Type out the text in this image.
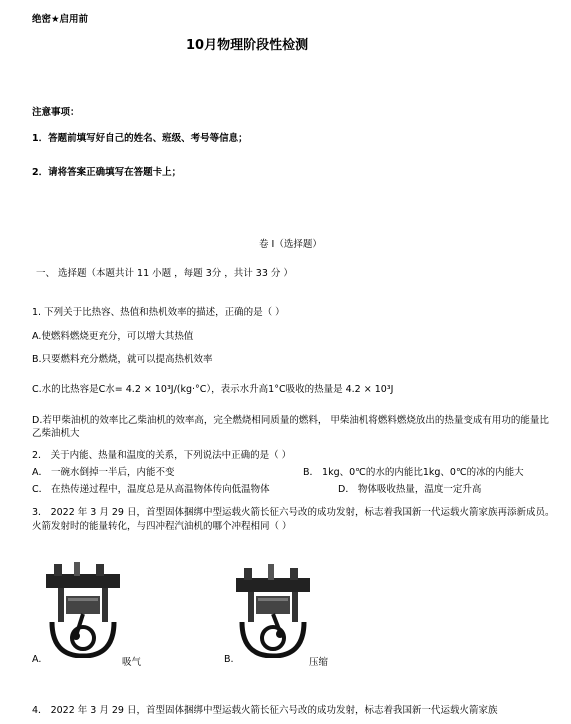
绝密★启用前
10月物理阶段性检测
注意事项：
1．答题前填写好自己的姓名、班级、考号等信息；
2．请将答案正确填写在答题卡上；
卷 I（选择题）
一、 选择题（本题共计 11 小题 ，每题 3分 ，共计 33 分 ）
1. 下列关于比热容、热值和热机效率的描述，正确的是（ ）
A.使燃料燃烧更充分，可以增大其热值
B.只要燃料充分燃烧，就可以提高热机效率
C.水的比热容是C水= 4.2 × 10³J/(kg·°C），表示水升高1°C吸收的热量是 4.2 × 10³J
D.若甲柴油机的效率比乙柴油机的效率高，完全燃烧相同质量的燃料， 甲柴油机将燃料燃烧放出的热量变成有用功的能量比乙柴油机大
2． 关于内能、热量和温度的关系，下列说法中正确的是（ ）
A． 一碗水倒掉一半后，内能不变	B． 1kg、0℃的水的内能比1kg、0℃的冰的内能大
C． 在热传递过程中，温度总是从高温物体传向低温物体	D． 物体吸收热量，温度一定升高
3． 2022 年 3 月 29 日，首型固体捆绑中型运载火箭长征六号改的成功发射，标志着我国新一代运载火箭家族再添新成员。火箭发射时的能量转化，与四冲程汽油机的哪个冲程相同（ ）
A.	吸气	B.	压缩
4． 2022 年 3 月 29 日，首型固体捆绑中型运载火箭长征六号改的成功发射，标志着我国新一代运载火箭家族
